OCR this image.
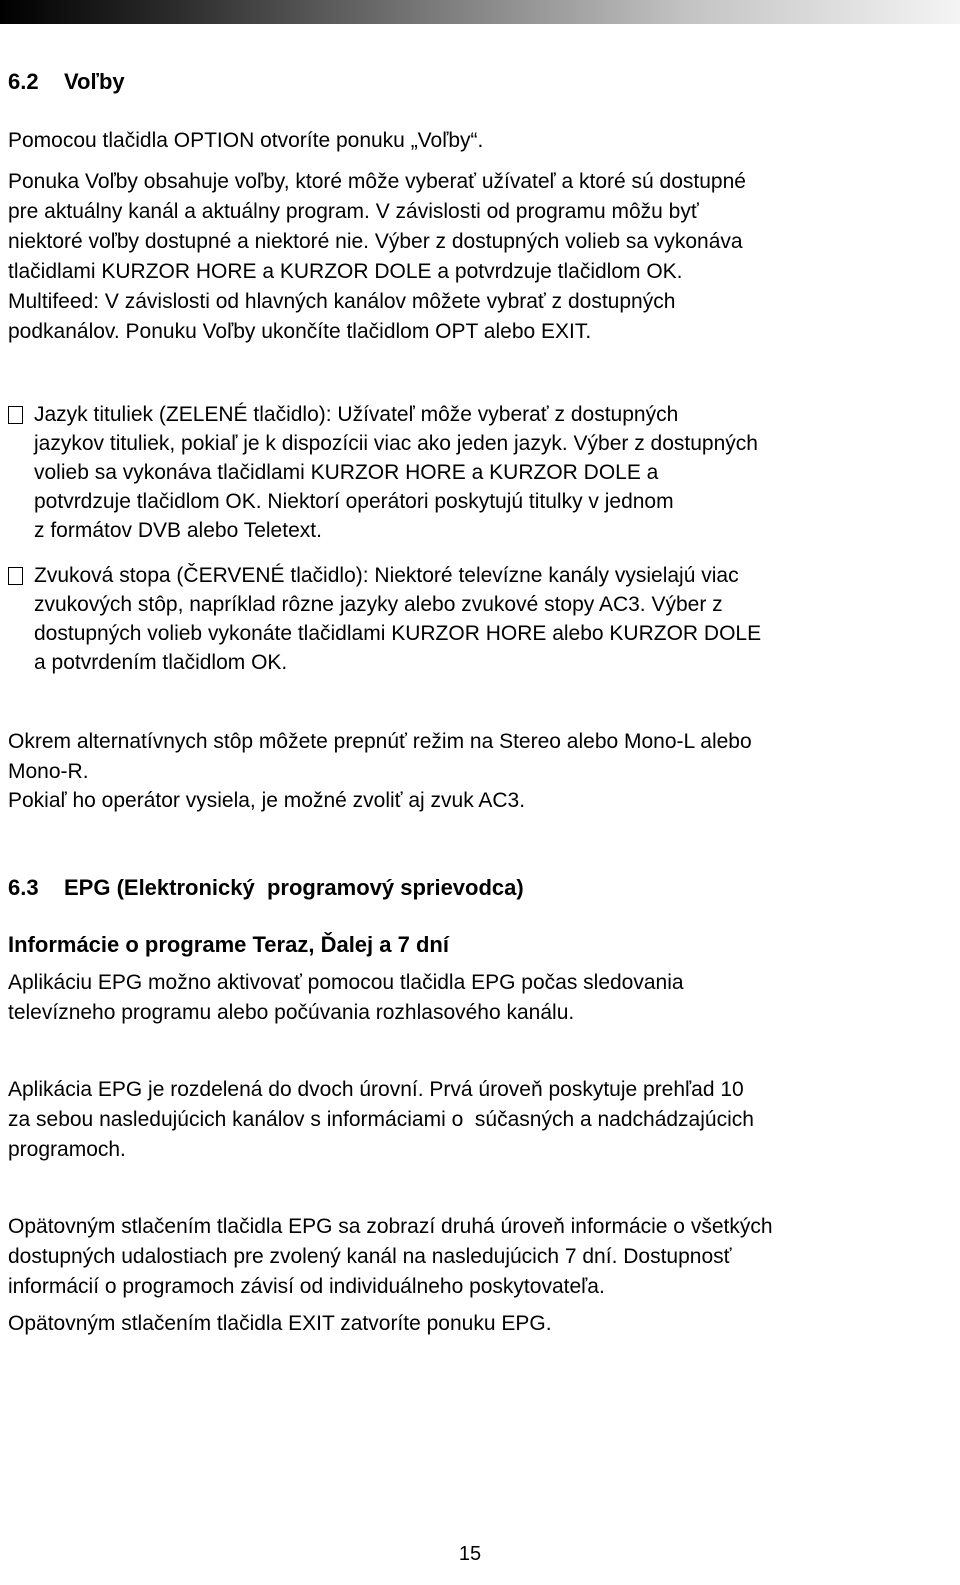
6.2 Voľby
Pomocou tlačidla OPTION otvoríte ponuku „Voľby“.
Ponuka Voľby obsahuje voľby, ktoré môže vyberať užívateľ a ktoré sú dostupné
pre aktuálny kanál a aktuálny program. V závislosti od programu môžu byť
niektoré voľby dostupné a niektoré nie. Výber z dostupných volieb sa vykonáva
tlačidlami KURZOR HORE a KURZOR DOLE a potvrdzuje tlačidlom OK.
Multifeed: V závislosti od hlavných kanálov môžete vybrať z dostupných
podkanálov. Ponuku Voľby ukončíte tlačidlom OPT alebo EXIT.
Jazyk tituliek (ZELENÉ tlačidlo): Užívateľ môže vyberať z dostupných
jazykov tituliek, pokiaľ je k dispozícii viac ako jeden jazyk. Výber z dostupných
volieb sa vykonáva tlačidlami KURZOR HORE a KURZOR DOLE a
potvrdzuje tlačidlom OK. Niektorí operátori poskytujú titulky v jednom
z formátov DVB alebo Teletext.
Zvuková stopa (ČERVENÉ tlačidlo): Niektoré televízne kanály vysielajú viac
zvukových stôp, napríklad rôzne jazyky alebo zvukové stopy AC3. Výber z
dostupných volieb vykonáte tlačidlami KURZOR HORE alebo KURZOR DOLE
a potvrdením tlačidlom OK.
Okrem alternatívnych stôp môžete prepnúť režim na Stereo alebo Mono-L alebo
Mono-R.
Pokiaľ ho operátor vysiela, je možné zvoliť aj zvuk AC3.
6.3 EPG (Elektronický  programový sprievodca)
Informácie o programe Teraz, Ďalej a 7 dní
Aplikáciu EPG možno aktivovať pomocou tlačidla EPG počas sledovania
televízneho programu alebo počúvania rozhlasového kanálu.
Aplikácia EPG je rozdelená do dvoch úrovní. Prvá úroveň poskytuje prehľad 10
za sebou nasledujúcich kanálov s informáciami o  súčasných a nadchádzajúcich
programoch.
Opätovným stlačením tlačidla EPG sa zobrazí druhá úroveň informácie o všetkých
dostupných udalostiach pre zvolený kanál na nasledujúcich 7 dní. Dostupnosť
informácií o programoch závisí od individuálneho poskytovateľa.
Opätovným stlačením tlačidla EXIT zatvoríte ponuku EPG.
15
